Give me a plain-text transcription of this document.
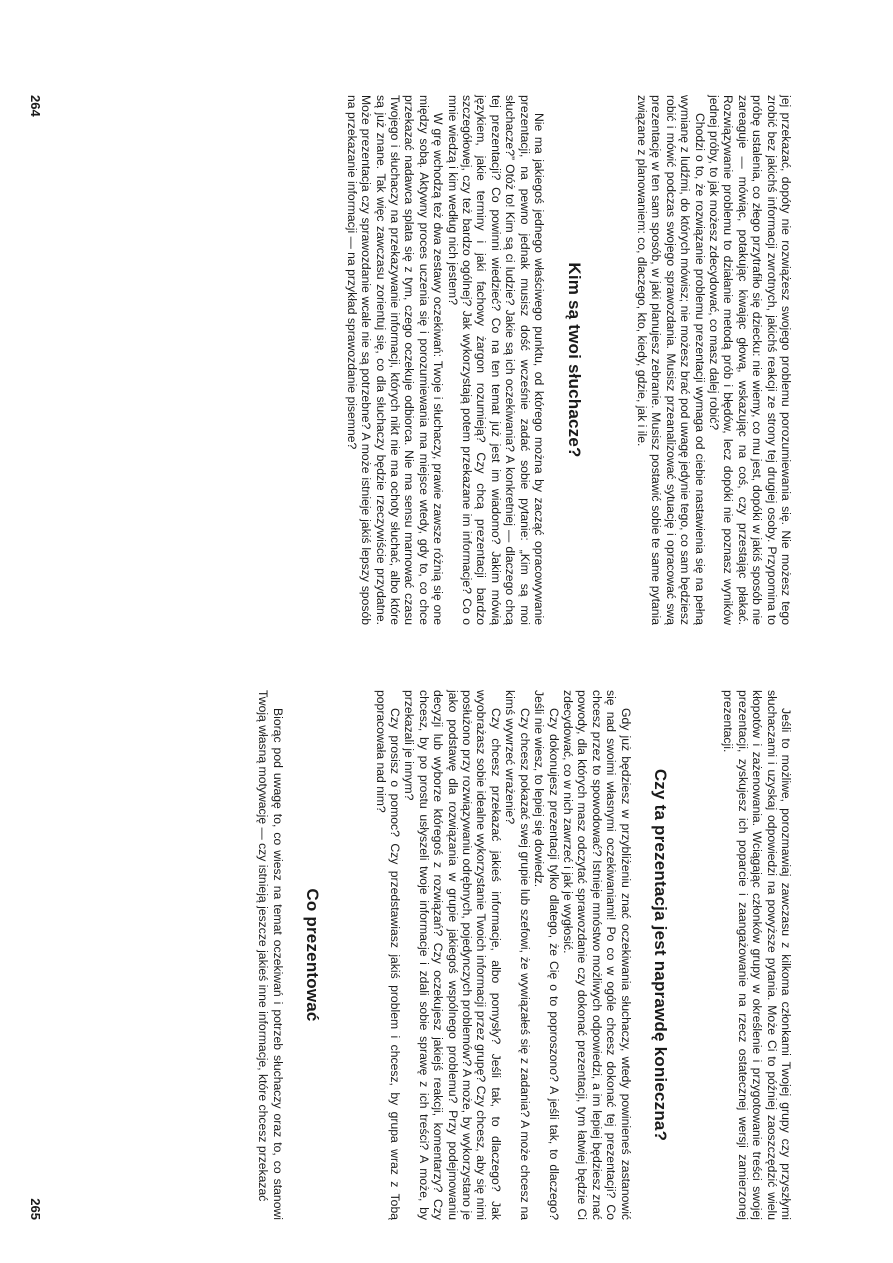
jej przekazać, dopóty nie rozwiążesz swojego problemu porozumiewania się. Nie możesz tego zrobić bez jakichś informacji zwrotnych, jakichś reakcji ze strony tej drugiej osoby. Przypomina to próbę ustalenia, co złego przytrafiło się dziecku: nie wiemy, co mu jest, dopóki w jakiś sposób nie zareaguje — mówiąc, potakując kiwając głową, wskazując na coś, czy przestając płakać. Rozwiązywanie problemu to działanie metodą prób i błędów, lecz dopóki nie poznasz wyników jednej próby, to jak możesz zdecydować, co masz dalej robić?

Chodzi o to, że rozwiązanie problemu prezentacji wymaga od ciebie nastawienia się na pełną wymianę z ludźmi, do których mówisz; nie możesz brać pod uwagę jedynie tego, co sam będziesz robić i mówić podczas swojego sprawozdania. Musisz przeanalizować sytuację i opracować swą prezentację w ten sam sposób, w jaki planujesz zebranie. Musisz postawić sobie te same pytania związane z planowaniem: co, dlaczego, kto, kiedy, gdzie, jak i ile.

Kim są twoi słuchacze?

Nie ma jakiegoś jednego właściwego punktu, od którego można by zacząć opracowywanie prezentacji, na pewno jednak musisz dość wcześnie zadać sobie pytanie: „Kim są moi słuchacze?” Otóż to! Kim są ci ludzie? Jakie są ich oczekiwania? A konkretniej — dlaczego chcą tej prezentacji? Co powinni wiedzieć? Co na ten temat już jest im wiadomo? Jakim mówią językiem, jakie terminy i jaki fachowy żargon rozumieją? Czy chcą prezentacji bardzo szczegółowej, czy też bardzo ogólnej? Jak wykorzystają potem przekazane im informacje? Co o mnie wiedzą i kim według nich jestem?

W grę wchodzą też dwa zestawy oczekiwań: Twoje i słuchaczy, prawie zawsze różnią się one między sobą. Aktywny proces uczenia się i porozumiewania ma miejsce wtedy, gdy to, co chce przekazać nadawca splata się z tym, czego oczekuje odbiorca. Nie ma sensu marnować czasu Twojego i słuchaczy na przekazywanie informacji, których nikt nie ma ochoty słuchać, albo które są już znane. Tak więc zawczasu zorientuj się, co dla słuchaczy będzie rzeczywiście przydatne. Może prezentacja czy sprawozdanie wcale nie są potrzebne? A może istnieje jakiś lepszy sposób na przekazanie informacji — na przykład sprawozdanie pisemne?

264

Jeśli to możliwe, porozmawiaj zawczasu z kilkoma członkami Twojej grupy czy przyszłymi słuchaczami i uzyskaj odpowiedzi na powyższe pytania. Może Ci to później zaoszczędzić wielu kłopotów i zażenowania. Wciągając członków grupy w określenie i przygotowanie treści swojej prezentacji, zyskujesz ich poparcie i zaangażowanie na rzecz ostatecznej wersji zamierzonej prezentacji.

Czy ta prezentacja jest naprawdę konieczna?

Gdy już będziesz w przybliżeniu znać oczekiwania słuchaczy, wtedy powinieneś zastanowić się nad swoimi własnymi oczekiwaniami! Po co w ogóle chcesz dokonać tej prezentacji? Co chcesz przez to spowodować? Istnieje mnóstwo możliwych odpowiedzi, a im lepiej będziesz znać powody, dla których masz odczytać sprawozdanie czy dokonać prezentacji, tym łatwiej będzie Ci zdecydować, co w nich zawrzeć i jak je wygłosić.

Czy dokonujesz prezentacji tylko dlatego, że Cię o to poproszono? A jeśli tak, to dlaczego? Jeśli nie wiesz, to lepiej się dowiedz.

Czy chcesz pokazać swej grupie lub szefowi, że wywiązałeś się z zadania? A może chcesz na kimś wywrzeć wrażenie?

Czy chcesz przekazać jakieś informacje, albo pomysły? Jeśli tak, to dlaczego? Jak wyobrażasz sobie idealne wykorzystanie Twoich informacji przez grupę? Czy chcesz, aby się nimi posłużono przy rozwiązywaniu odrębnych, pojedynczych problemów? A może, by wykorzystano je jako podstawę dla rozwiązania w grupie jakiegoś wspólnego problemu? Przy podejmowaniu decyzji lub wyborze któregoś z rozwiązań? Czy oczekujesz jakiejś reakcji, komentarzy? Czy chcesz, by po prostu usłyszeli twoje informacje i zdali sobie sprawę z ich treści? A może, by przekazali je innym?

Czy prosisz o pomoc? Czy przedstawiasz jakiś problem i chcesz, by grupa wraz z Tobą popracowała nad nim?

Co prezentować

Biorąc pod uwagę to, co wiesz na temat oczekiwań i potrzeb słuchaczy oraz to, co stanowi Twoją własną motywację — czy istnieją jeszcze jakieś inne informacje, które chcesz przekazać

265
